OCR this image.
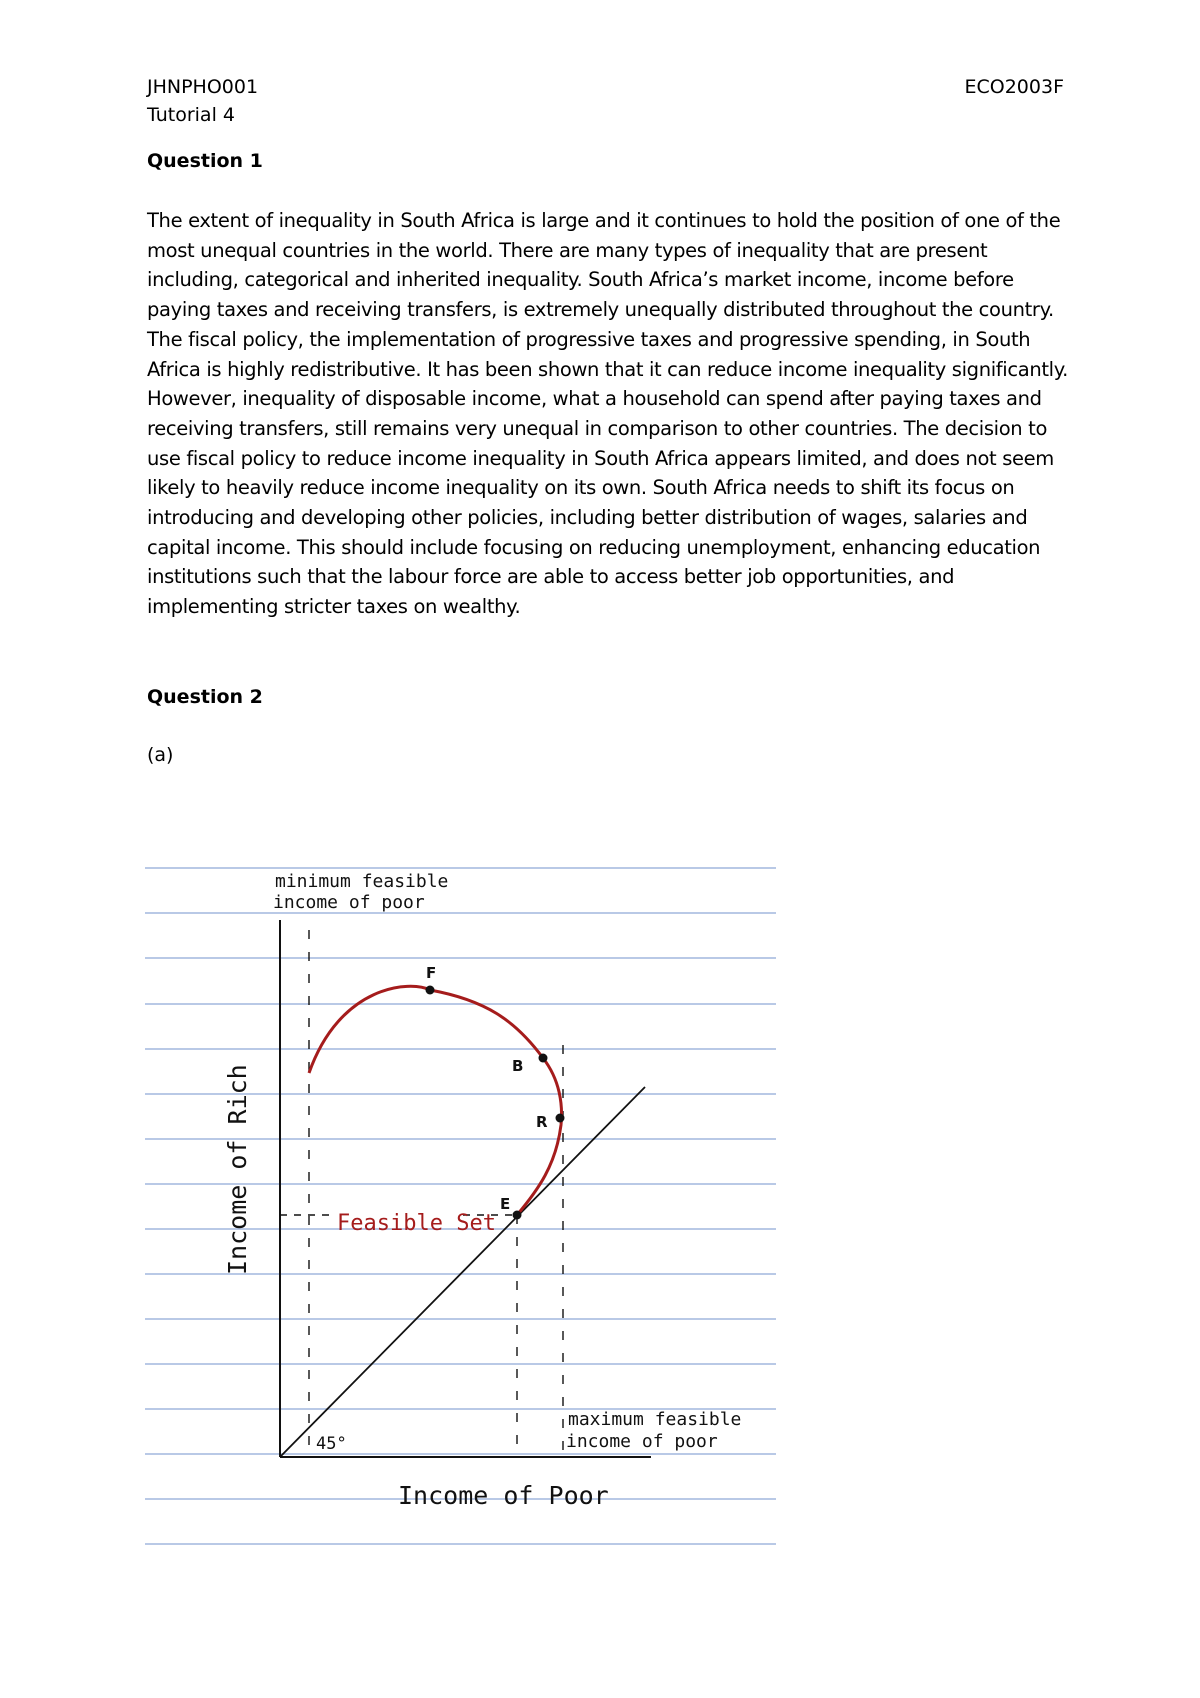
JHNPHO001
Tutorial 4
ECO2003F
Question 1
The extent of inequality in South Africa is large and it continues to hold the position of one of the most unequal countries in the world. There are many types of inequality that are present including, categorical and inherited inequality. South Africa’s market income, income before paying taxes and receiving transfers, is extremely unequally distributed throughout the country. The fiscal policy, the implementation of progressive taxes and progressive spending, in South Africa is highly redistributive. It has been shown that it can reduce income inequality significantly. However, inequality of disposable income, what a household can spend after paying taxes and receiving transfers, still remains very unequal in comparison to other countries. The decision to use fiscal policy to reduce income inequality in South Africa appears limited, and does not seem likely to heavily reduce income inequality on its own. South Africa needs to shift its focus on introducing and developing other policies, including better distribution of wages, salaries and capital income. This should include focusing on reducing unemployment, enhancing education institutions such that the labour force are able to access better job opportunities, and implementing stricter taxes on wealthy.
Question 2
(a)
minimum feasible
income of poor
maximum feasible
income of poor
Feasible Set
45°
F
B
R
E
Income of Rich
Income of Poor
